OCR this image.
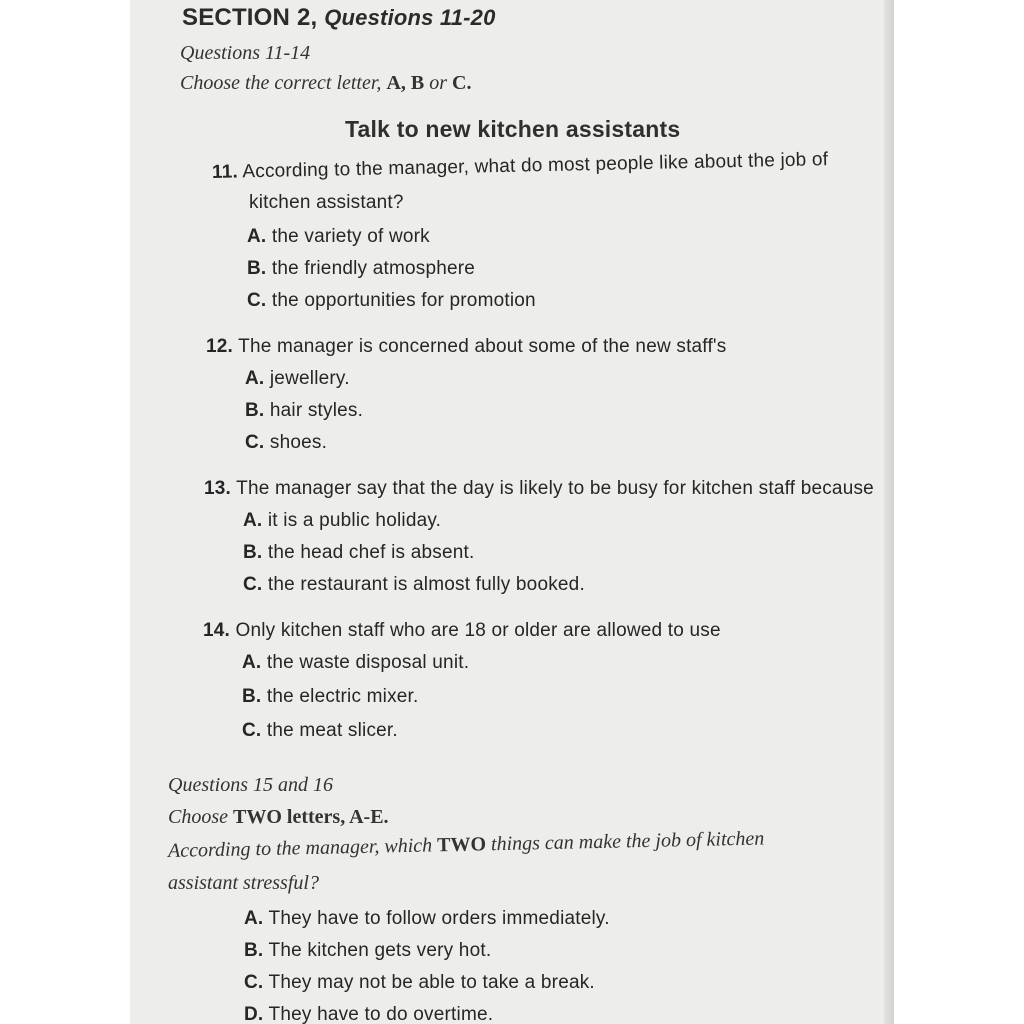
SECTION 2, Questions 11-20
Questions 11-14
Choose the correct letter, A, B or C.
Talk to new kitchen assistants
11. According to the manager, what do most people like about the job of
kitchen assistant?
A. the variety of work
B. the friendly atmosphere
C. the opportunities for promotion
12. The manager is concerned about some of the new staff's
A. jewellery.
B. hair styles.
C. shoes.
13. The manager say that the day is likely to be busy for kitchen staff because
A. it is a public holiday.
B. the head chef is absent.
C. the restaurant is almost fully booked.
14. Only kitchen staff who are 18 or older are allowed to use
A. the waste disposal unit.
B. the electric mixer.
C. the meat slicer.
Questions 15 and 16
Choose TWO letters, A-E.
According to the manager, which TWO things can make the job of kitchen
assistant stressful?
A. They have to follow orders immediately.
B. The kitchen gets very hot.
C. They may not be able to take a break.
D. They have to do overtime.
